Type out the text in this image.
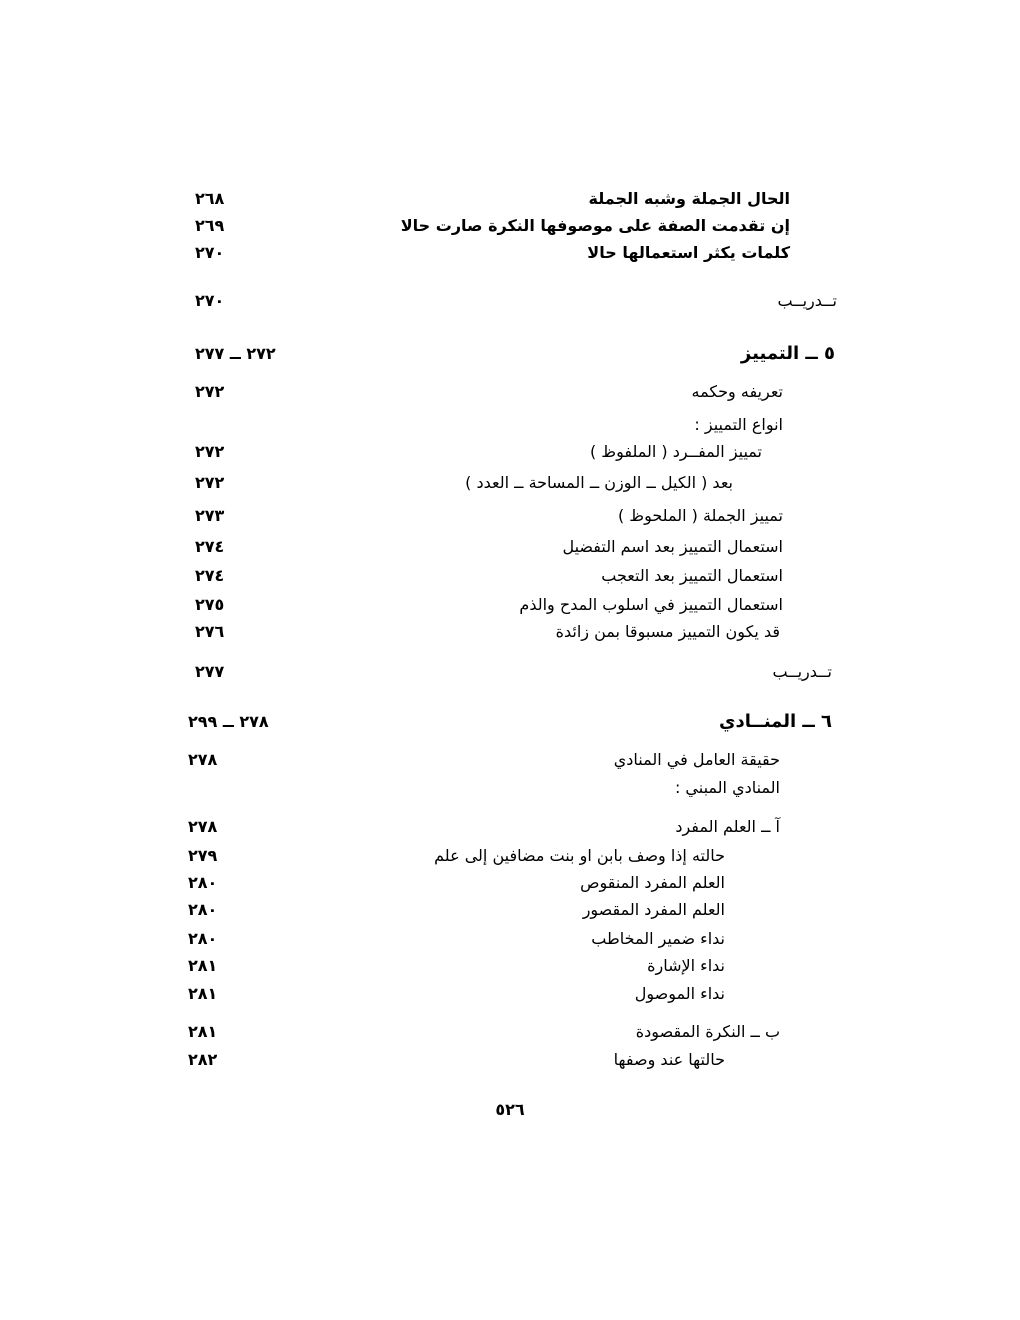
الحال الجملة وشبه الجملة
٢٦٨
إن تقدمت الصفة على موصوفها النكرة صارت حالا
٢٦٩
كلمات يكثر استعمالها حالا
٢٧٠
تــدريــب
٢٧٠
٥ ــ التمييز
٢٧٢ ــ ٢٧٧
تعريفه وحكمه
٢٧٢
انواع التمييز :
تمييز المفــرد ( الملفوظ )
٢٧٢
بعد ( الكيل ــ الوزن ــ المساحة ــ العدد )
٢٧٢
تمييز الجملة ( الملحوظ )
٢٧٣
استعمال التمييز بعد اسم التفضيل
٢٧٤
استعمال التمييز بعد التعجب
٢٧٤
استعمال التمييز في اسلوب المدح والذم
٢٧٥
قد يكون التمييز مسبوقا بمن زائدة
٢٧٦
تــدريــب
٢٧٧
٦ ــ المنــادي
٢٧٨ ــ ٢٩٩
حقيقة العامل في المنادي
٢٧٨
المنادي المبني :
آ ــ العلم المفرد
٢٧٨
حالته إذا وصف بابن او بنت مضافين إلى علم
٢٧٩
العلم المفرد المنقوص
٢٨٠
العلم المفرد المقصور
٢٨٠
نداء ضمير المخاطب
٢٨٠
نداء الإشارة
٢٨١
نداء الموصول
٢٨١
ب ــ النكرة المقصودة
٢٨١
حالتها عند وصفها
٢٨٢
٥٢٦
